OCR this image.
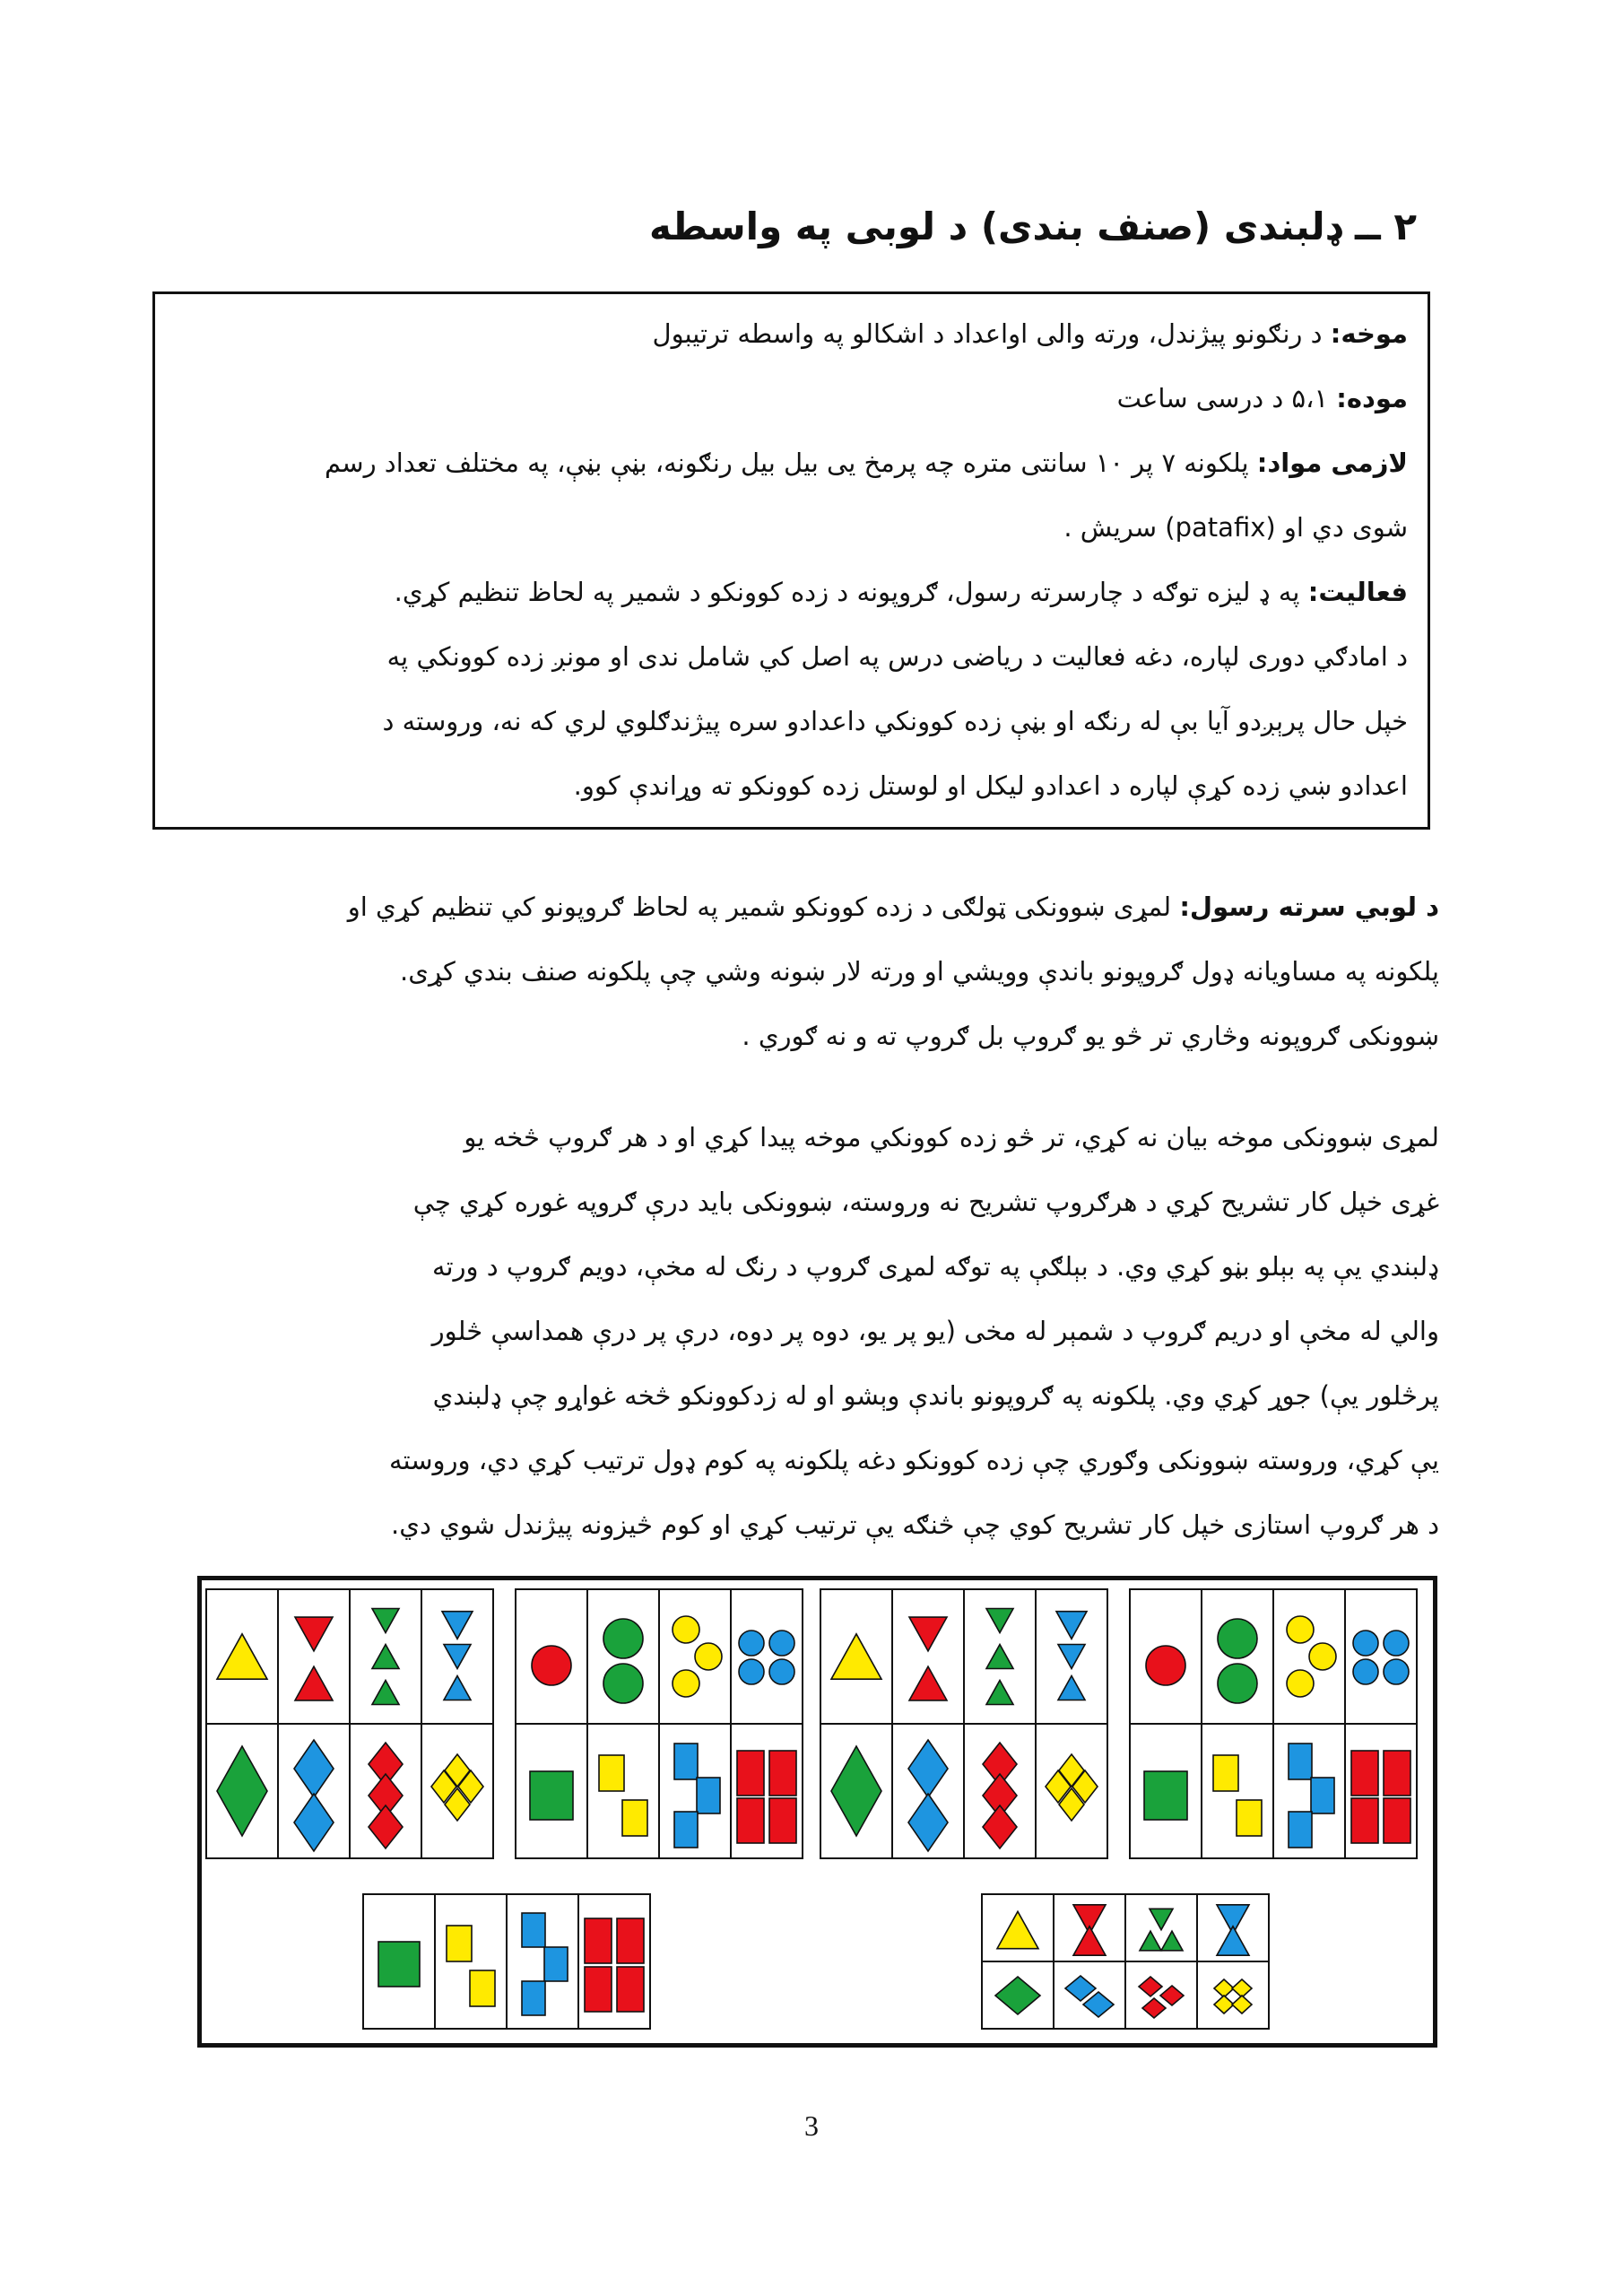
۲ ــ ډلبندی (صنف بندی) د لوبی په واسطه

موخه: د رنګونو پیژندل، ورته والی اواعداد د اشکالو په واسطه ترتیبول

موده: ۵،۱ د درسی ساعت

لازمی مواد: پلکونه ۷ پر ۱۰ سانتی متره چه پرمخ یی بیل بیل رنګونه، بڼې بڼې، په مختلف تعداد رسم

شوی دي او (patafix) سریش .

فعالیت: په ډ لیزه توګه د چارسرته رسول، ګروپونه د زده کوونکو د شمیر په لحاظ تنظیم کړي.

د امادګي دوری لپاره، دغه فعالیت د ریاضی درس په اصل کي شامل ندی او مونږ زده کوونکي په

خپل حال پرېږدو آیا بې له رنګه او بڼې زده کوونکي داعدادو سره پیژندګلوي لري که نه، وروسته د

اعدادو ښي زده کړې لپاره د اعدادو لیکل او لوستل زده کوونکو ته وړاندې کوو.

د لوبي سرته رسول: لمړی ښوونکی ټولګی د زده کوونکو شمیر په لحاظ ګروپونو کي تنظیم کړي او

پلکونه په مساویانه ډول ګروپونو باندې وویشي او ورته لار ښونه وشي چې پلکونه صنف بندي کړی.

ښوونکی ګروپونه وڅاري تر څو یو ګروپ بل ګروپ ته و نه ګوري .

لمړی ښوونکی موخه بیان نه کړي، تر څو زده کوونکي موخه پیدا کړي او د هر ګروپ څخه یو

غړی خپل کار تشریح کړي د هرګروپ تشریح نه وروسته، ښوونکی باید درې ګروپه غوره کړي چې

ډلبندي یې په بېلو بڼو کړي وي. د بېلګې په توګه لمړی ګروپ د رنګ له مخې، دویم ګروپ د ورته

والي له مخې او دریم ګروپ د شمېر له مخی (یو پر یو، دوه پر دوه، درې پر درې همداسې څلور

پرڅلور یې) جوړ کړي وي. پلکونه په ګروپونو باندې وېشو او له زدکوونکو څخه غواړو چې ډلبندي

یې کړي، وروسته ښوونکی وګوري چې زده کوونکو دغه پلکونه په کوم ډول ترتیب کړي دي، وروسته

د هر ګروپ استازی خپل کار تشریح کوي چې څنګه یې ترتیب کړي او کوم څیزونه پیژندل شوي دي.

3
